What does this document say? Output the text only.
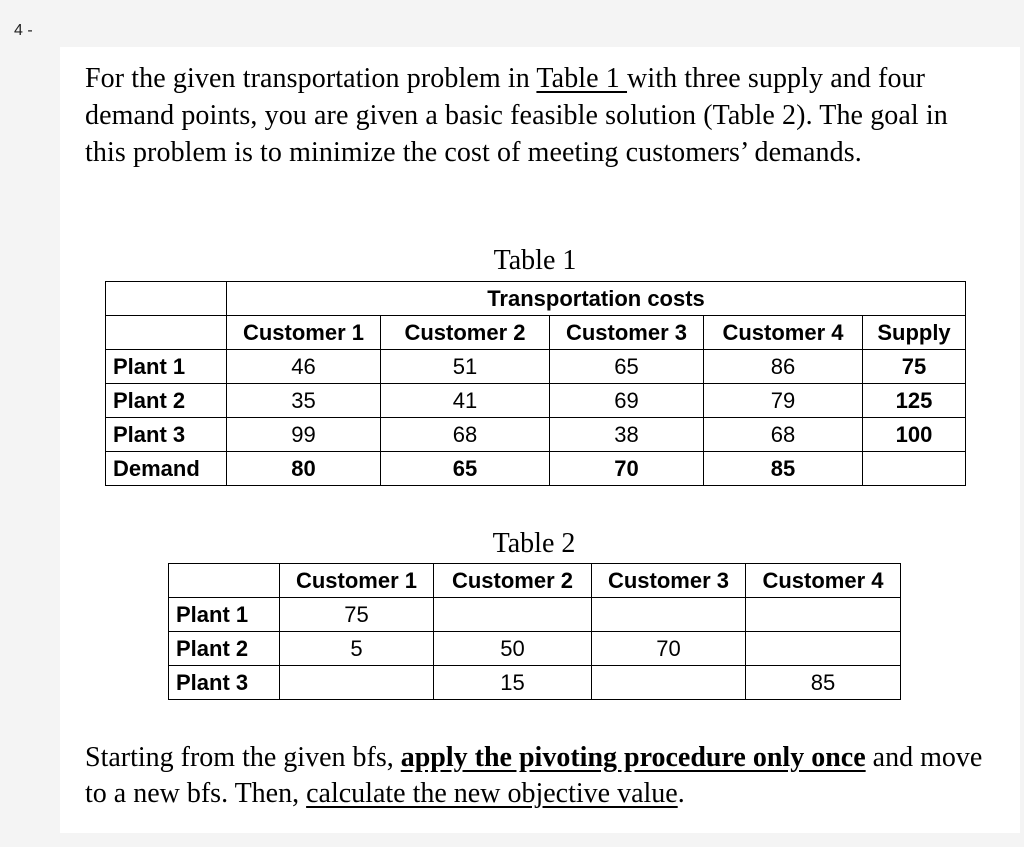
4 -
For the given transportation problem in Table 1 with three supply and four demand points, you are given a basic feasible solution (Table 2). The goal in this problem is to minimize the cost of meeting customers’ demands.
Table 1
	Transportation costs				
	Customer 1	Customer 2	Customer 3	Customer 4	Supply
Plant 1	46	51	65	86	75
Plant 2	35	41	69	79	125
Plant 3	99	68	38	68	100
Demand	80	65	70	85	
Table 2
	Customer 1	Customer 2	Customer 3	Customer 4
Plant 1	75			
Plant 2	5	50	70	
Plant 3		15		85
Starting from the given bfs, apply the pivoting procedure only once and move to a new bfs. Then, calculate the new objective value.
